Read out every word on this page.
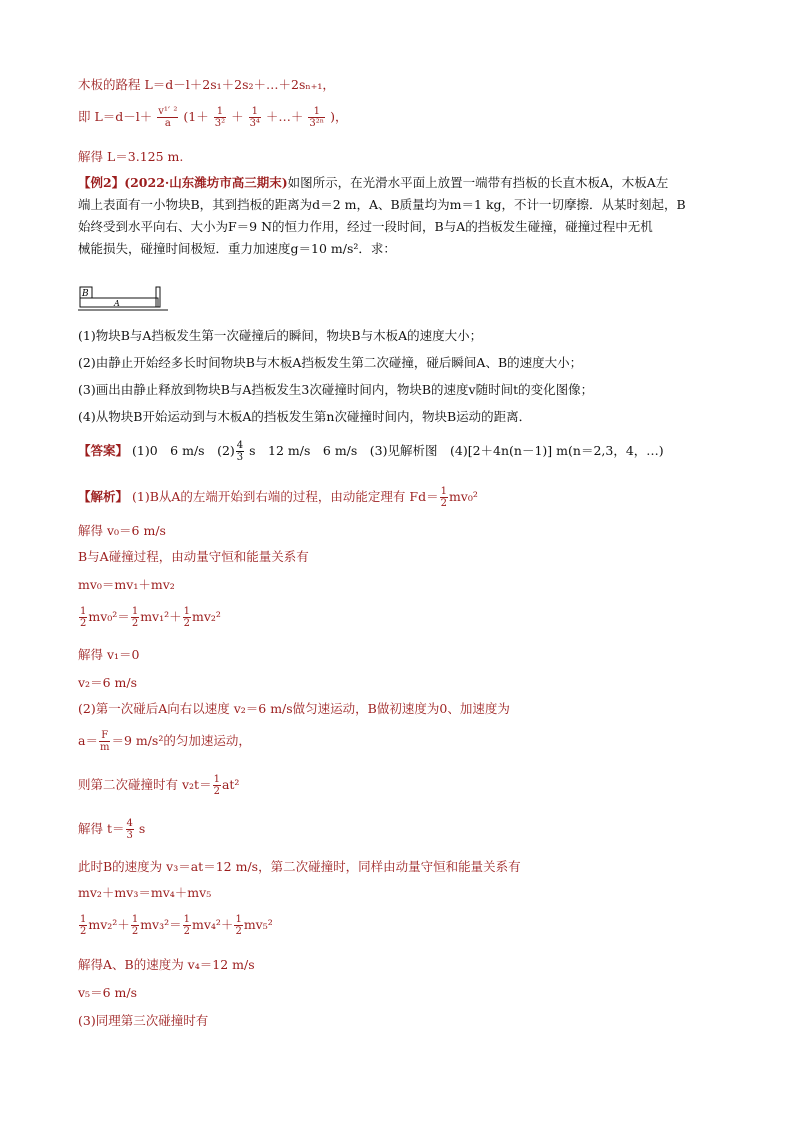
木板的路程 L＝d－l＋2s₁＋2s₂＋…＋2sₙ₊₁，
即 $L=d-l+ \frac{\text{v¹′ ²}}{a} (1+ \frac{1}{\text{3²}} + \frac{1}{\text{3⁴}}$ ＋…＋ $\frac{1}{\text{3²ⁿ}}$ )，
解得 L＝3.125 m.
【例2】(2022·山东潍坊市高三期末)如图所示，在光滑水平面上放置一端带有挡板的长直木板A，木板A左
端上表面有一小物块B，其到挡板的距离为d＝2 m，A、B质量均为m＝1 kg，不计一切摩擦．从某时刻起，B
始终受到水平向右、大小为F＝9 N的恒力作用，经过一段时间，B与A的挡板发生碰撞，碰撞过程中无机
械能损失，碰撞时间极短．重力加速度g＝10 m/s²．求：
B
A
(1)物块B与A挡板发生第一次碰撞后的瞬间，物块B与木板A的速度大小；
(2)由静止开始经多长时间物块B与木板A挡板发生第二次碰撞，碰后瞬间A、B的速度大小；
(3)画出由静止释放到物块B与A挡板发生3次碰撞时间内，物块B的速度v随时间t的变化图像；
(4)从物块B开始运动到与木板A的挡板发生第n次碰撞时间内，物块B运动的距离．
【答案】 (1)0　6 m/s　$(2) \frac{4}{3}$ s　12 m/s　6 m/s　(3)见解析图　(4)[2＋4n(n－1)] m(n＝2,3，4，…)
【解析】 (1)B从A的左端开始到右端的过程，由动能定理有 $Fd= \frac{1}{2} mv_0^2$
解得 v₀＝6 m/s
B与A碰撞过程，由动量守恒和能量关系有
mv₀＝mv₁＋mv₂
$\frac{1}{2} mv_0^2= \frac{1}{2} mv_1^2+ \frac{1}{2} mv_2^2$
解得 v₁＝0
v₂＝6 m/s
(2)第一次碰后A向右以速度 v₂＝6 m/s做匀速运动，B做初速度为0、加速度为
$a= \frac{F}{m} =9$ m/s²的匀加速运动，
则第二次碰撞时有 $v_2t= \frac{1}{2} at^2$
解得 $t= \frac{4}{3}$ s
此时B的速度为 v₃＝at＝12 m/s，第二次碰撞时，同样由动量守恒和能量关系有
mv₂＋mv₃＝mv₄＋mv₅
$\frac{1}{2} mv_2^2+ \frac{1}{2} mv_3^2= \frac{1}{2} mv_4^2+ \frac{1}{2} mv_5^2$
解得A、B的速度为 v₄＝12 m/s
v₅＝6 m/s
(3)同理第三次碰撞时有
